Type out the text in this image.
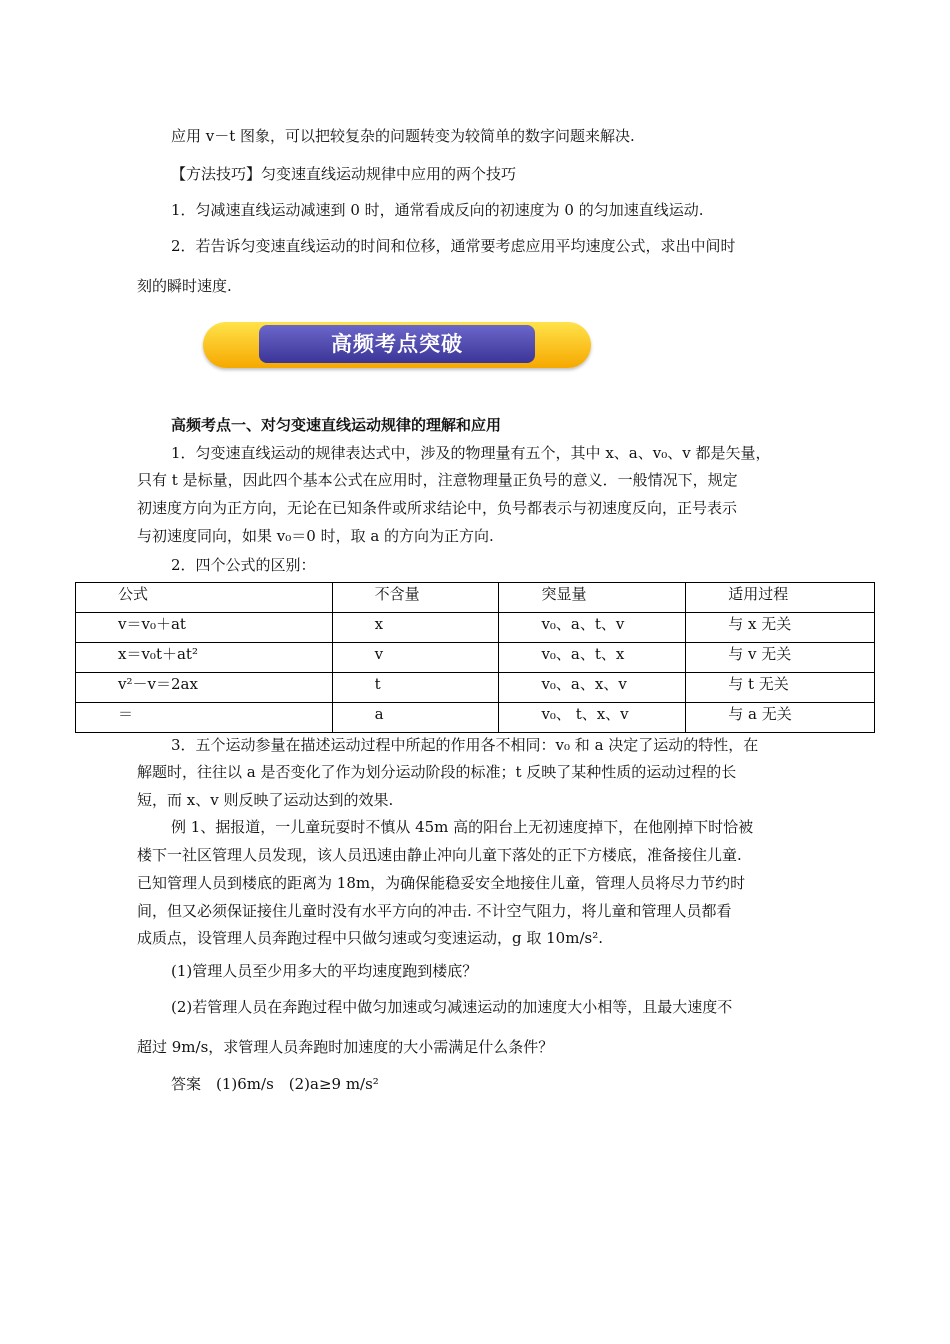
应用 v－t 图象，可以把较复杂的问题转变为较简单的数字问题来解决.
【方法技巧】匀变速直线运动规律中应用的两个技巧
1．匀减速直线运动减速到 0 时，通常看成反向的初速度为 0 的匀加速直线运动.
2．若告诉匀变速直线运动的时间和位移，通常要考虑应用平均速度公式，求出中间时
刻的瞬时速度.
高频考点突破
高频考点一、对匀变速直线运动规律的理解和应用
1．匀变速直线运动的规律表达式中，涉及的物理量有五个，其中 x、a、v₀、v 都是矢量，
只有 t 是标量，因此四个基本公式在应用时，注意物理量正负号的意义．一般情况下，规定
初速度方向为正方向，无论在已知条件或所求结论中，负号都表示与初速度反向，正号表示
与初速度同向，如果 v₀＝0 时，取 a 的方向为正方向.
2．四个公式的区别：
公式	不含量	突显量	适用过程
v＝v₀＋at	x	v₀、a、t、v	与 x 无关
x＝v₀t＋at²	v	v₀、a、t、x	与 v 无关
v²－v＝2ax	t	v₀、a、x、v	与 t 无关
＝	a	v₀、 t、x、v	与 a 无关
3．五个运动参量在描述运动过程中所起的作用各不相同：v₀ 和 a 决定了运动的特性，在
解题时，往往以 a 是否变化了作为划分运动阶段的标准；t 反映了某种性质的运动过程的长
短，而 x、v 则反映了运动达到的效果.
例 1、据报道，一儿童玩耍时不慎从 45m 高的阳台上无初速度掉下，在他刚掉下时恰被
楼下一社区管理人员发现，该人员迅速由静止冲向儿童下落处的正下方楼底，准备接住儿童.
已知管理人员到楼底的距离为 18m，为确保能稳妥安全地接住儿童，管理人员将尽力节约时
间，但又必须保证接住儿童时没有水平方向的冲击. 不计空气阻力，将儿童和管理人员都看
成质点，设管理人员奔跑过程中只做匀速或匀变速运动，g 取 10m/s².
(1)管理人员至少用多大的平均速度跑到楼底？
(2)若管理人员在奔跑过程中做匀加速或匀减速运动的加速度大小相等，且最大速度不
超过 9m/s，求管理人员奔跑时加速度的大小需满足什么条件？
答案　(1)6m/s　(2)a≥9 m/s²
